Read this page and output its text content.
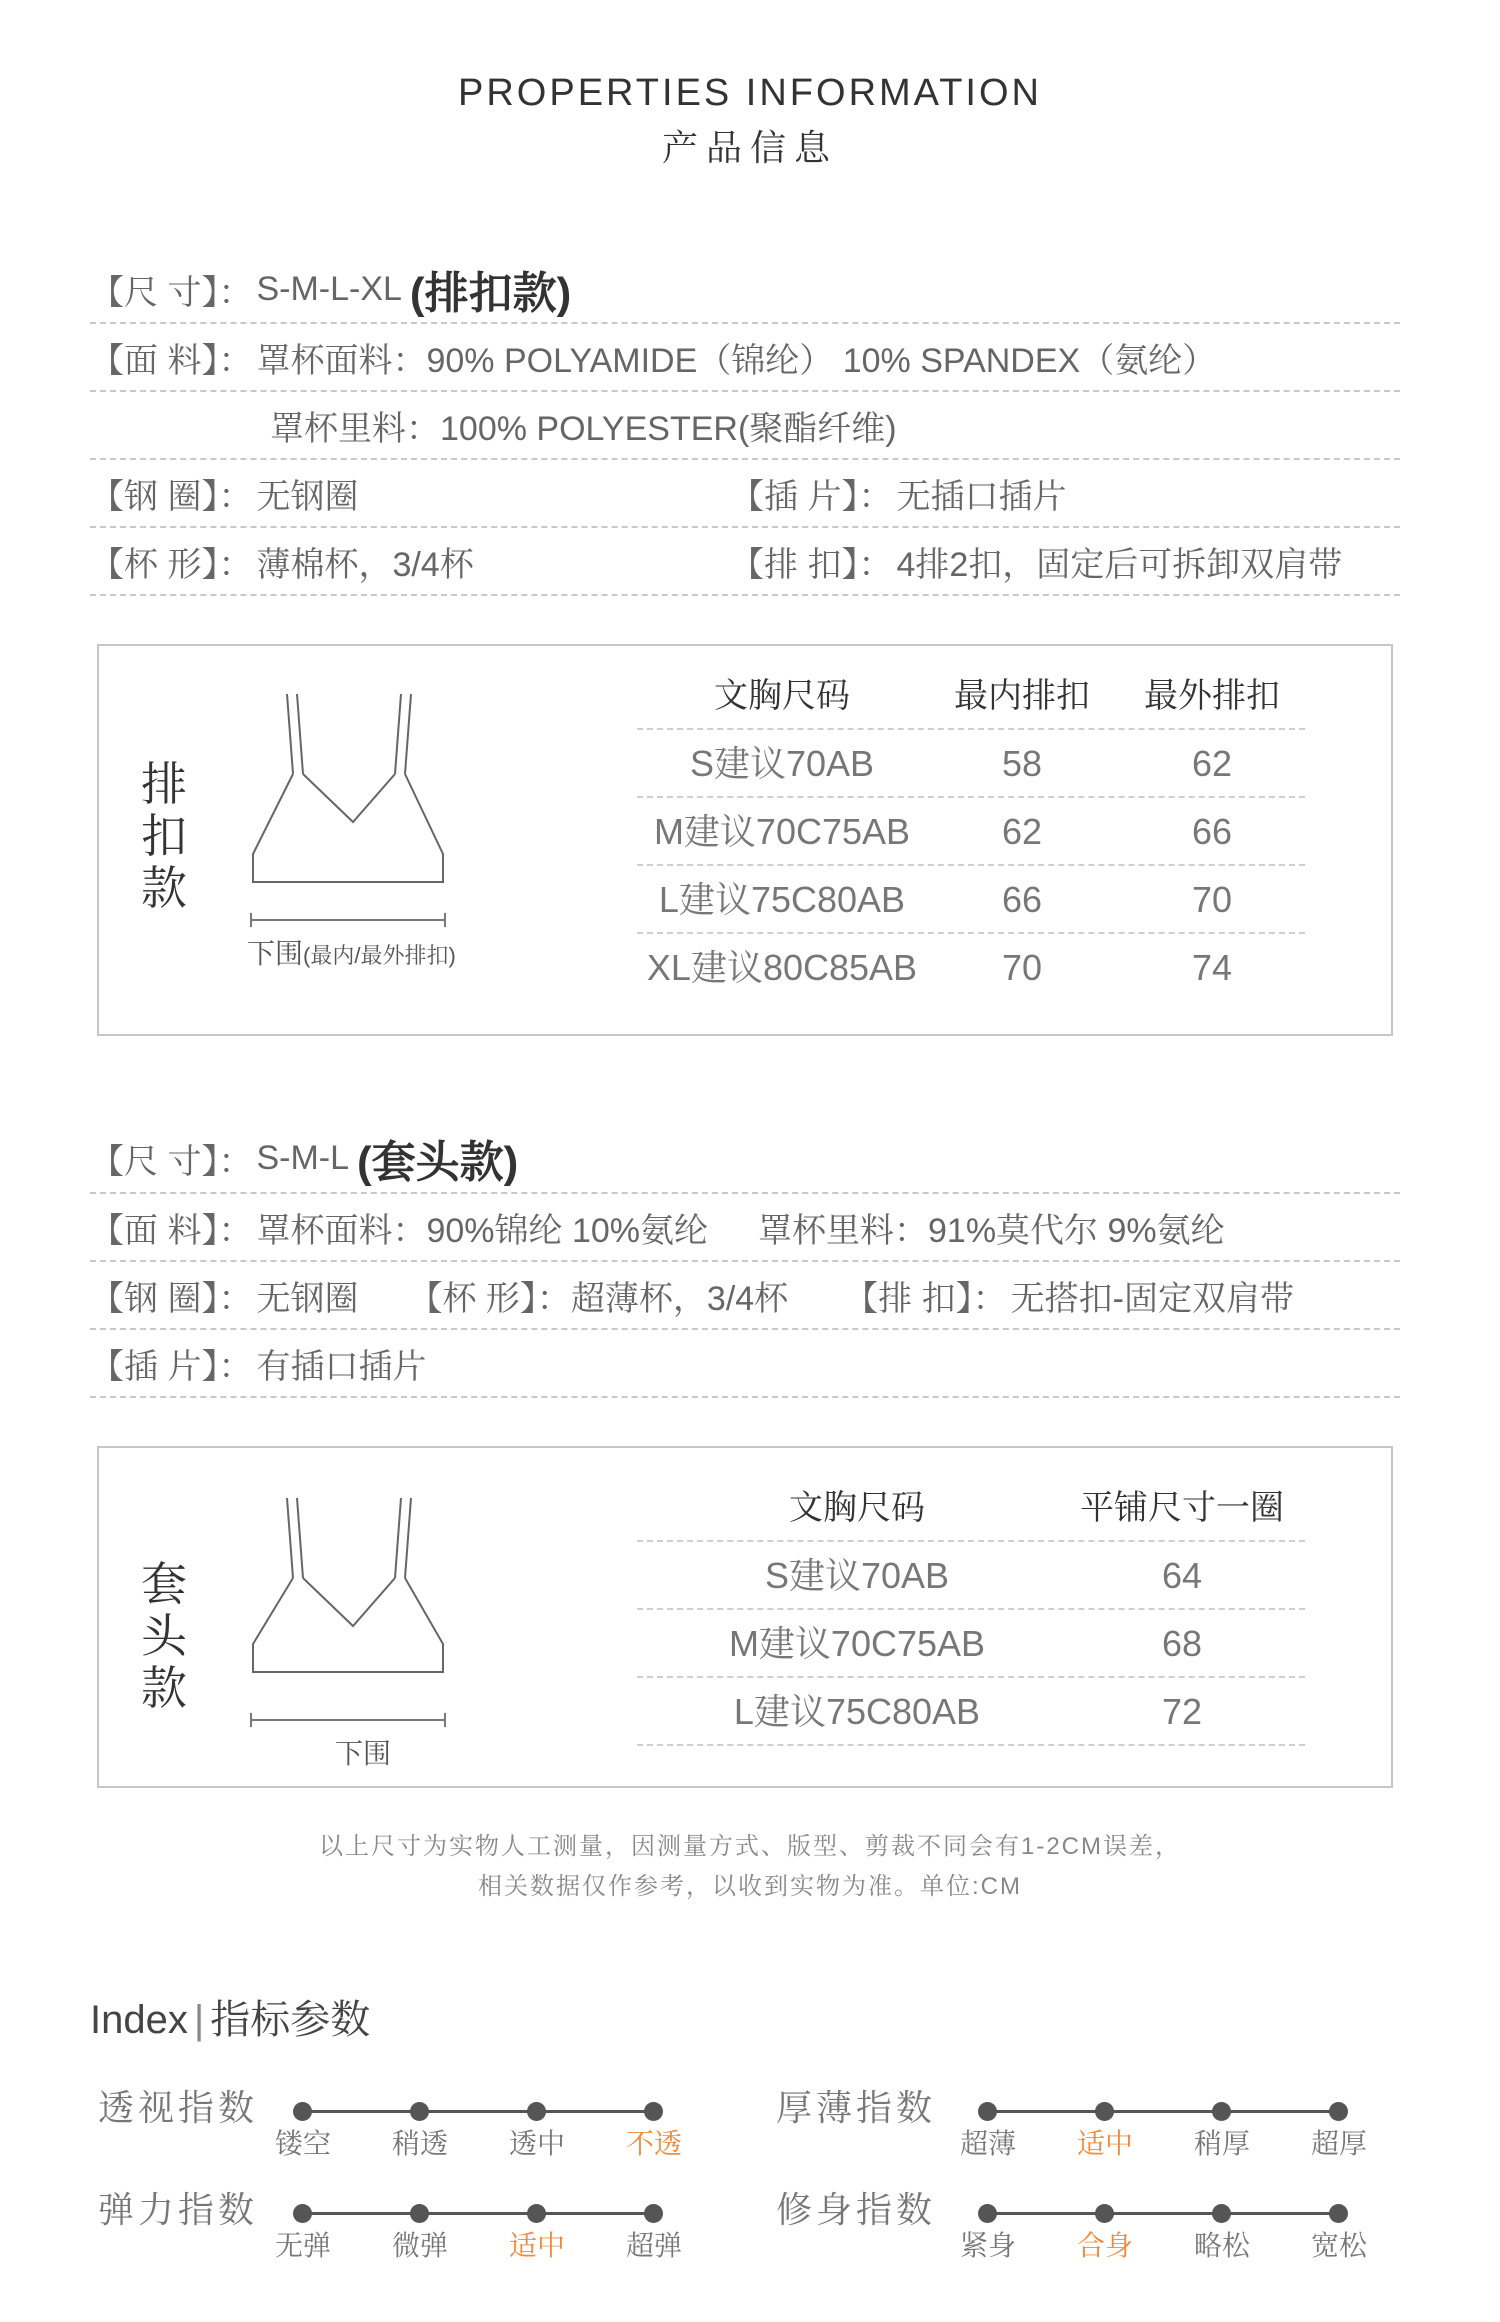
PROPERTIES INFORMATION
产品信息
【尺 寸】： S-M-L-XL (排扣款)
【面 料】： 罩杯面料：90% POLYAMIDE（锦纶） 10% SPANDEX（氨纶）
罩杯里料：100% POLYESTER(聚酯纤维)
【钢 圈】： 无钢圈	【插 片】： 无插口插片
【杯 形】： 薄棉杯，3/4杯	【排 扣】： 4排2扣，固定后可拆卸双肩带
排
扣
款
下围(最内/最外排扣)
文胸尺码	最内排扣	最外排扣
S建议70AB	58	62
M建议70C75AB	62	66
L建议75C80AB	66	70
XL建议80C85AB	70	74
【尺 寸】： S-M-L (套头款)
【面 料】： 罩杯面料：90%锦纶 10%氨纶 罩杯里料：91%莫代尔 9%氨纶
【钢 圈】： 无钢圈 【杯 形】： 超薄杯，3/4杯 【排 扣】： 无搭扣-固定双肩带
【插 片】： 有插口插片
套
头
款
下围
文胸尺码	平铺尺寸一圈
S建议70AB	64
M建议70C75AB	68
L建议75C80AB	72
以上尺寸为实物人工测量，因测量方式、版型、剪裁不同会有1-2CM误差，
相关数据仅作参考，以收到实物为准。单位:CM
Index | 指标参数
透视指数
镂空	稍透	透中	不透
厚薄指数
超薄	适中	稍厚	超厚
弹力指数
无弹	微弹	适中	超弹
修身指数
紧身	合身	略松	宽松
